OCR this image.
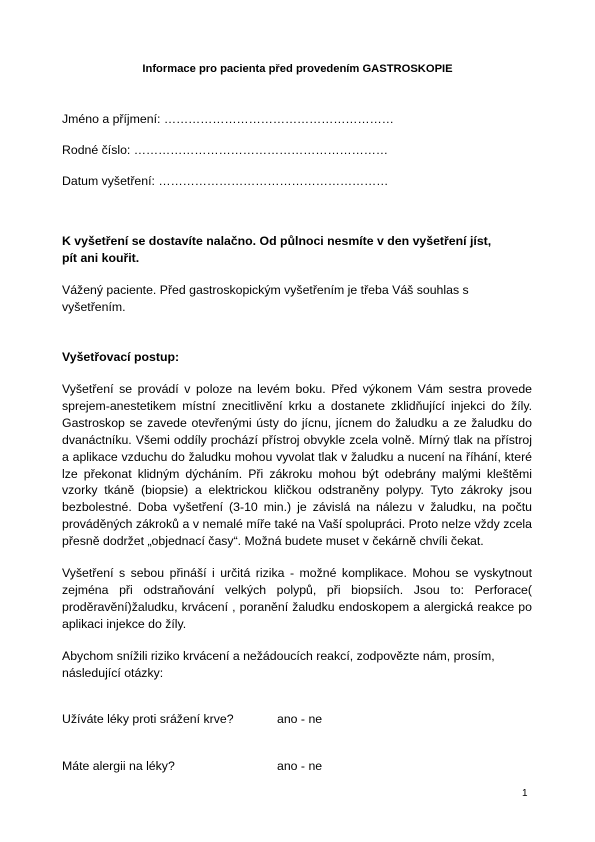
Informace pro pacienta před provedením GASTROSKOPIE
Jméno a příjmení: …………………………………………………
Rodné číslo: ………………………………………………………
Datum vyšetření: …………………………………………………
K vyšetření se dostavíte nalačno. Od půlnoci nesmíte v den vyšetření jíst, pít ani kouřit.
Vážený paciente. Před gastroskopickým vyšetřením je třeba Váš souhlas s vyšetřením.
Vyšetřovací postup:
Vyšetření se provádí v poloze na levém boku. Před výkonem Vám sestra provede sprejem-anestetikem místní znecitlivění krku a dostanete zklidňující injekci do žíly. Gastroskop se zavede otevřenými ústy do jícnu, jícnem do žaludku a ze žaludku do dvanáctníku. Všemi oddíly prochází přístroj obvykle zcela volně. Mírný tlak na přístroj a aplikace vzduchu do žaludku mohou vyvolat tlak v žaludku a nucení na říhání, které lze překonat klidným dýcháním. Při zákroku mohou být odebrány malými kleštěmi vzorky tkáně (biopsie) a elektrickou kličkou odstraněny polypy. Tyto zákroky jsou bezbolestné. Doba vyšetření (3-10 min.) je závislá na nálezu v žaludku, na počtu prováděných zákroků a v nemalé míře také na Vaší spolupráci. Proto nelze vždy zcela přesně dodržet „objednací časy“. Možná budete muset v čekárně chvíli čekat.
Vyšetření s sebou přináší i určitá rizika - možné komplikace. Mohou se vyskytnout zejména při odstraňování velkých polypů, při biopsiích. Jsou to: Perforace( proděravění)žaludku, krvácení , poranění žaludku endoskopem a alergická reakce po aplikaci injekce do žíly.
Abychom snížili riziko krvácení a nežádoucích reakcí, zodpovězte nám, prosím, následující otázky:
Užíváte léky proti srážení krve?	ano - ne
Máte alergii na léky?	ano - ne
1
